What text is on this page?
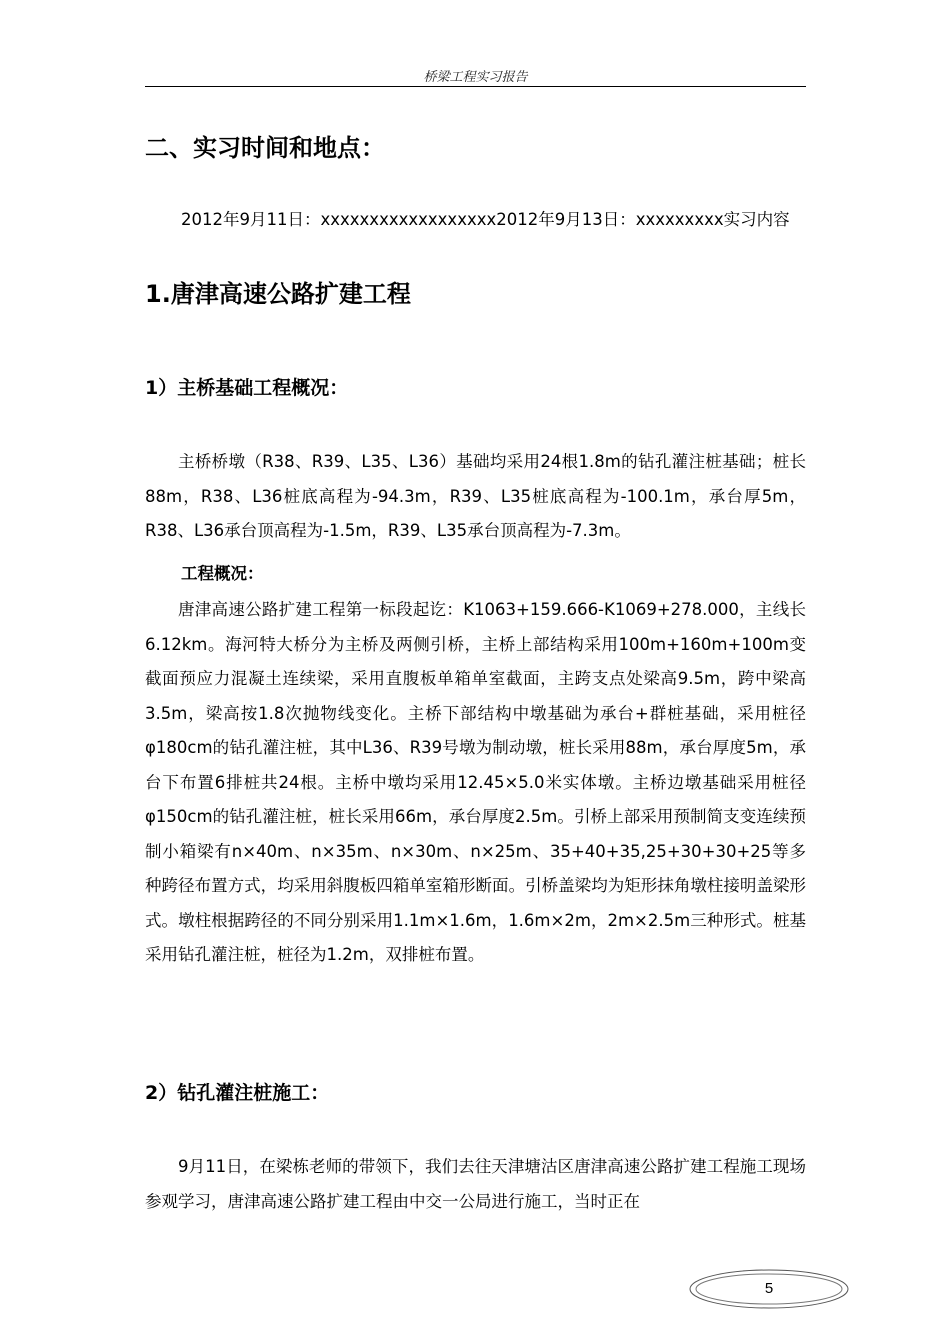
桥梁工程实习报告
二、实习时间和地点：
2012年9月11日：xxxxxxxxxxxxxxxxxx2012年9月13日：xxxxxxxxx实习内容
1.唐津高速公路扩建工程
1）主桥基础工程概况：
主桥桥墩（R38、R39、L35、L36）基础均采用24根1.8m的钻孔灌注桩基础；桩长88m，R38、L36桩底高程为-94.3m，R39、L35桩底高程为-100.1m，承台厚5m，R38、L36承台顶高程为-1.5m，R39、L35承台顶高程为-7.3m。
工程概况：
唐津高速公路扩建工程第一标段起讫：K1063+159.666-K1069+278.000，主线长6.12km。海河特大桥分为主桥及两侧引桥，主桥上部结构采用100m+160m+100m变截面预应力混凝土连续梁，采用直腹板单箱单室截面，主跨支点处梁高9.5m，跨中梁高3.5m，梁高按1.8次抛物线变化。主桥下部结构中墩基础为承台+群桩基础，采用桩径φ180cm的钻孔灌注桩，其中L36、R39号墩为制动墩，桩长采用88m，承台厚度5m，承台下布置6排桩共24根。主桥中墩均采用12.45×5.0米实体墩。主桥边墩基础采用桩径φ150cm的钻孔灌注桩，桩长采用66m，承台厚度2.5m。引桥上部采用预制简支变连续预制小箱梁有n×40m、n×35m、n×30m、n×25m、35+40+35,25+30+30+25等多种跨径布置方式，均采用斜腹板四箱单室箱形断面。引桥盖梁均为矩形抹角墩柱接明盖梁形式。墩柱根据跨径的不同分别采用1.1m×1.6m，1.6m×2m，2m×2.5m三种形式。桩基采用钻孔灌注桩，桩径为1.2m，双排桩布置。
2）钻孔灌注桩施工：
9月11日，在梁栋老师的带领下，我们去往天津塘沽区唐津高速公路扩建工程施工现场参观学习，唐津高速公路扩建工程由中交一公局进行施工，当时正在
5
